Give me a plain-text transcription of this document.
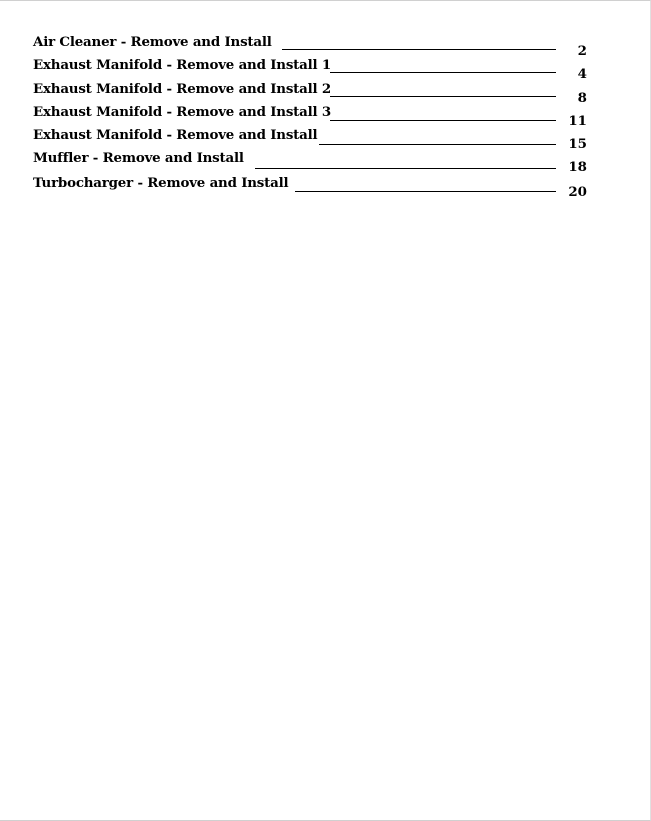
Air Cleaner - Remove and Install
2
Exhaust Manifold - Remove and Install 1
4
Exhaust Manifold - Remove and Install 2
8
Exhaust Manifold - Remove and Install 3
11
Exhaust Manifold - Remove and Install
15
Muffler - Remove and Install
18
Turbocharger - Remove and Install
20
